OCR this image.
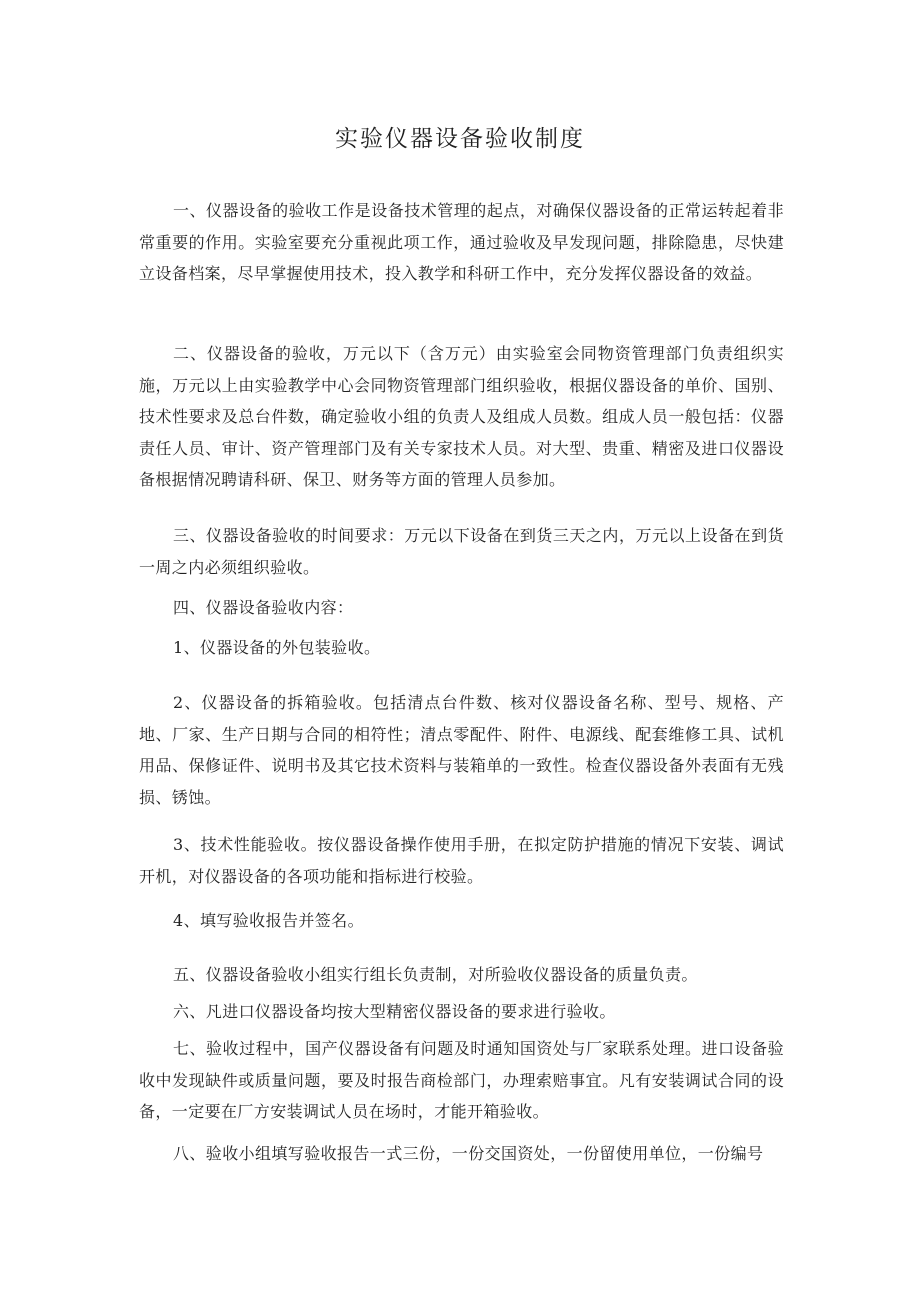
实验仪器设备验收制度

一、仪器设备的验收工作是设备技术管理的起点，对确保仪器设备的正常运转起着非常重要的作用。实验室要充分重视此项工作，通过验收及早发现问题，排除隐患，尽快建立设备档案，尽早掌握使用技术，投入教学和科研工作中，充分发挥仪器设备的效益。

二、仪器设备的验收，万元以下（含万元）由实验室会同物资管理部门负责组织实施，万元以上由实验教学中心会同物资管理部门组织验收，根据仪器设备的单价、国别、技术性要求及总台件数，确定验收小组的负责人及组成人员数。组成人员一般包括：仪器责任人员、审计、资产管理部门及有关专家技术人员。对大型、贵重、精密及进口仪器设备根据情况聘请科研、保卫、财务等方面的管理人员参加。

三、仪器设备验收的时间要求：万元以下设备在到货三天之内，万元以上设备在到货一周之内必须组织验收。

四、仪器设备验收内容：

1、仪器设备的外包装验收。

2、仪器设备的拆箱验收。包括清点台件数、核对仪器设备名称、型号、规格、产地、厂家、生产日期与合同的相符性；清点零配件、附件、电源线、配套维修工具、试机用品、保修证件、说明书及其它技术资料与装箱单的一致性。检查仪器设备外表面有无残损、锈蚀。

3、技术性能验收。按仪器设备操作使用手册，在拟定防护措施的情况下安装、调试开机，对仪器设备的各项功能和指标进行校验。

4、填写验收报告并签名。

五、仪器设备验收小组实行组长负责制，对所验收仪器设备的质量负责。

六、凡进口仪器设备均按大型精密仪器设备的要求进行验收。

七、验收过程中，国产仪器设备有问题及时通知国资处与厂家联系处理。进口设备验收中发现缺件或质量问题，要及时报告商检部门，办理索赔事宜。凡有安装调试合同的设备，一定要在厂方安装调试人员在场时，才能开箱验收。

八、验收小组填写验收报告一式三份，一份交国资处，一份留使用单位，一份编号
